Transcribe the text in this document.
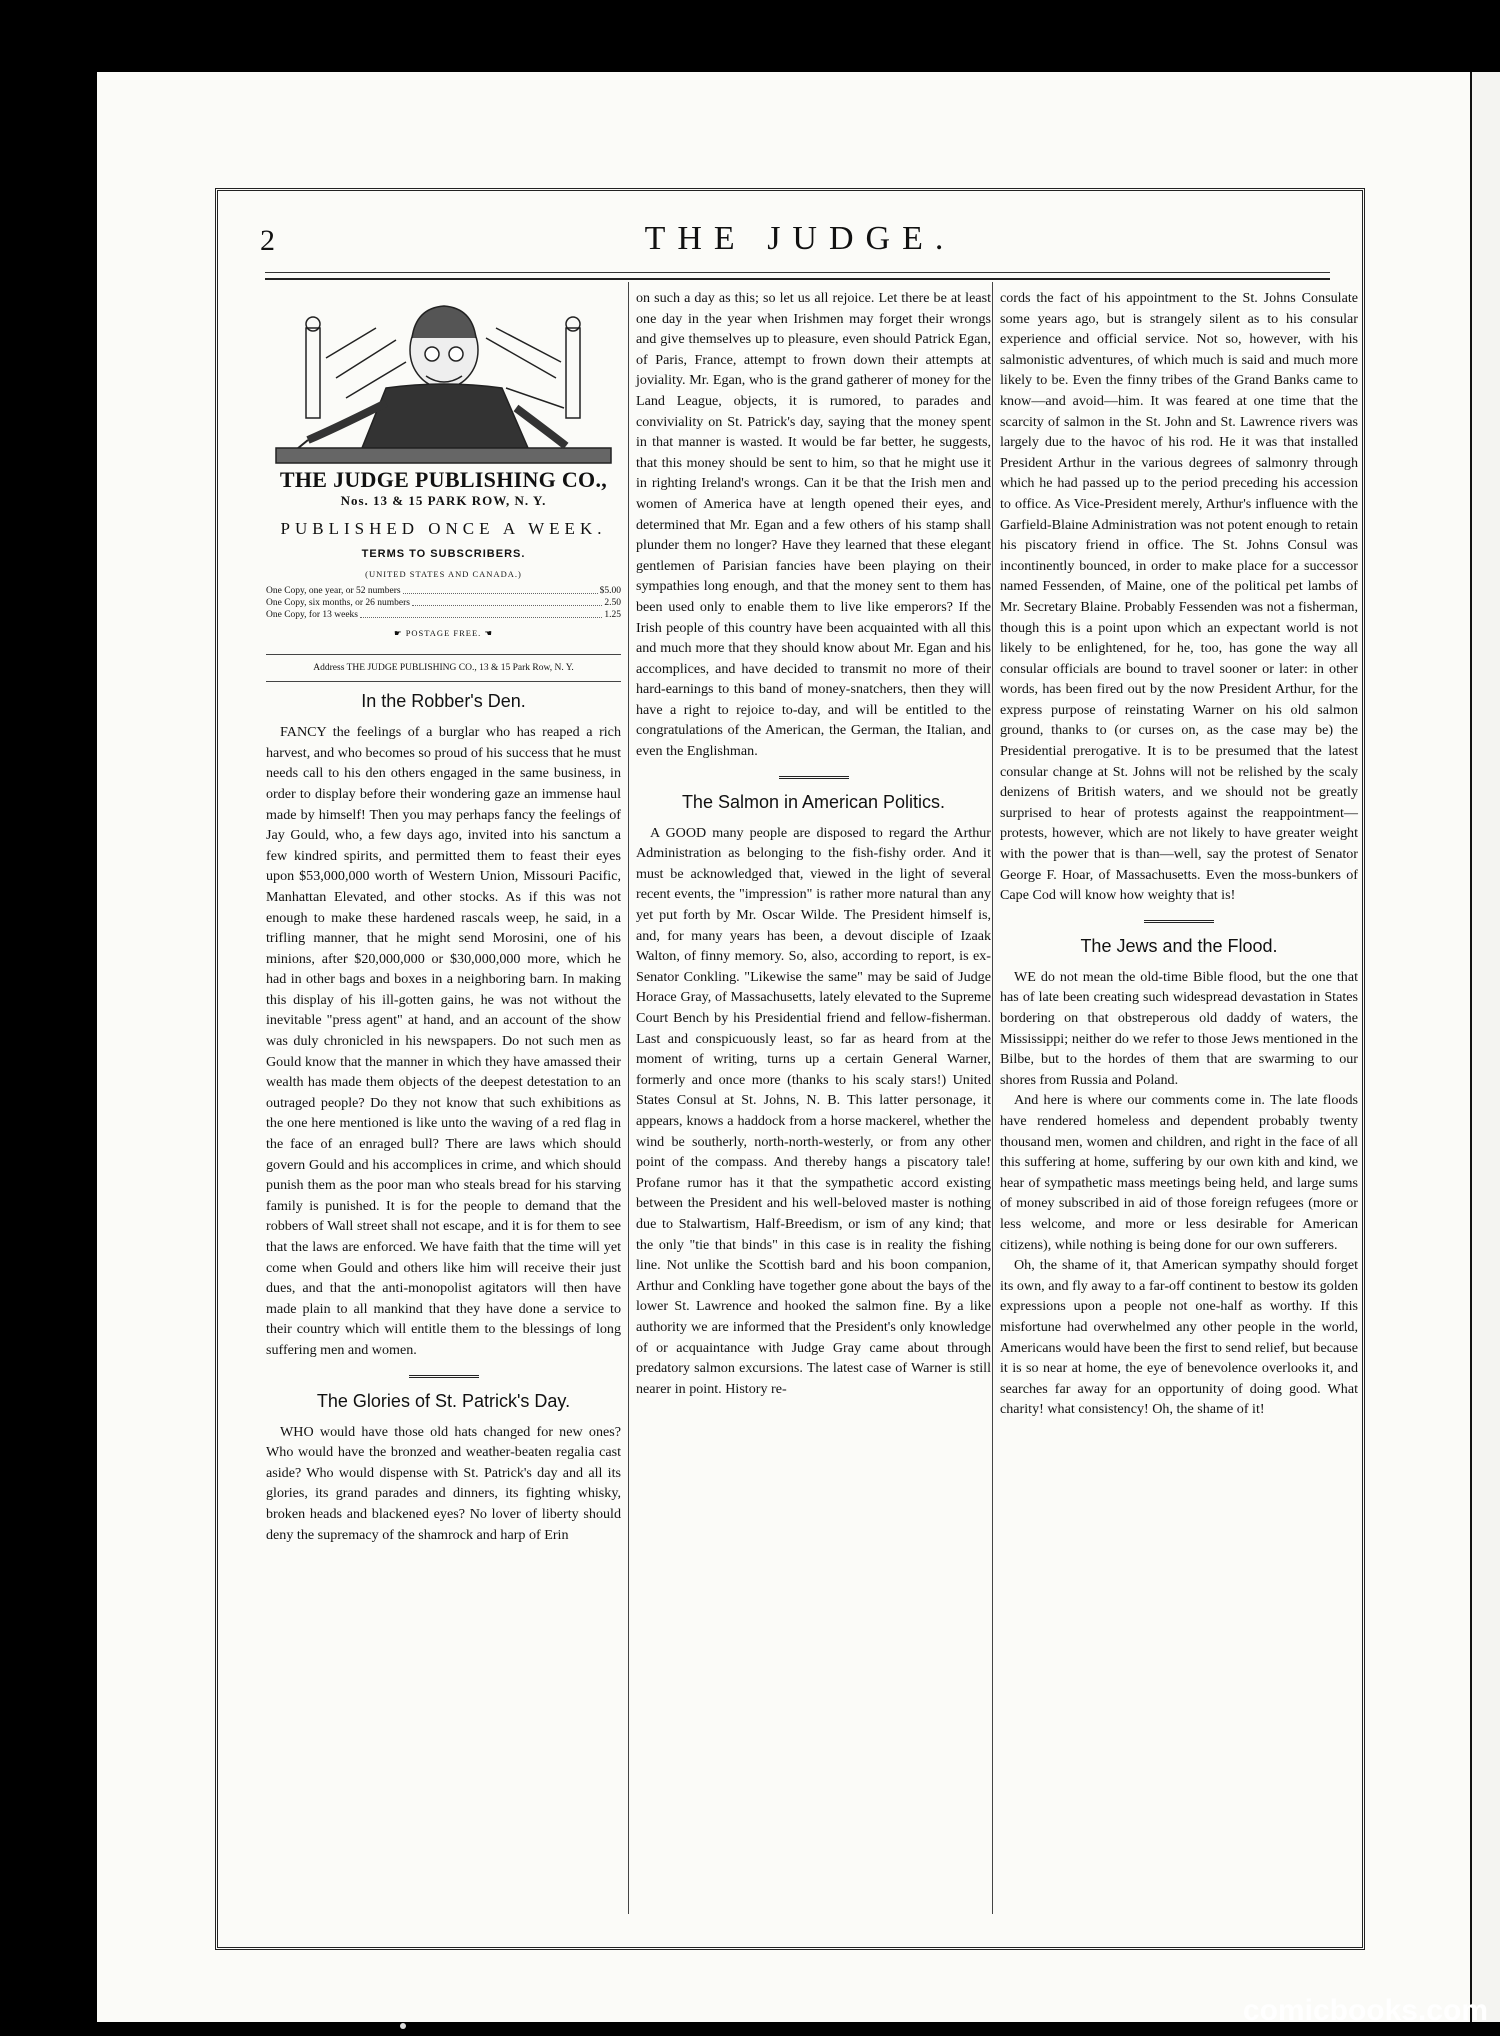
2	THE JUDGE.
THE JUDGE PUBLISHING CO.,
Nos. 13 & 15 PARK ROW, N. Y.
PUBLISHED ONCE A WEEK.
TERMS TO SUBSCRIBERS.
(UNITED STATES AND CANADA.)
One Copy, one year, or 52 numbers	$5.00
One Copy, six months, or 26 numbers	2.50
One Copy, for 13 weeks	1.25
☛ POSTAGE FREE. ☚
Address THE JUDGE PUBLISHING CO., 13 & 15 Park Row, N. Y.
In the Robber's Den.

FANCY the feelings of a burglar who has reaped a rich harvest, and who becomes so proud of his success that he must needs call to his den others engaged in the same business, in order to display before their wondering gaze an immense haul made by himself! Then you may perhaps fancy the feelings of Jay Gould, who, a few days ago, invited into his sanctum a few kindred spirits, and permitted them to feast their eyes upon $53,000,000 worth of Western Union, Missouri Pacific, Manhattan Elevated, and other stocks. As if this was not enough to make these hardened rascals weep, he said, in a trifling manner, that he might send Morosini, one of his minions, after $20,000,000 or $30,000,000 more, which he had in other bags and boxes in a neighboring barn. In making this display of his ill-gotten gains, he was not without the inevitable "press agent" at hand, and an account of the show was duly chronicled in his newspapers. Do not such men as Gould know that the manner in which they have amassed their wealth has made them objects of the deepest detestation to an outraged people? Do they not know that such exhibitions as the one here mentioned is like unto the waving of a red flag in the face of an enraged bull? There are laws which should govern Gould and his accomplices in crime, and which should punish them as the poor man who steals bread for his starving family is punished. It is for the people to demand that the robbers of Wall street shall not escape, and it is for them to see that the laws are enforced. We have faith that the time will yet come when Gould and others like him will receive their just dues, and that the anti-monopolist agitators will then have made plain to all mankind that they have done a service to their country which will entitle them to the blessings of long suffering men and women.

The Glories of St. Patrick's Day.

WHO would have those old hats changed for new ones? Who would have the bronzed and weather-beaten regalia cast aside? Who would dispense with St. Patrick's day and all its glories, its grand parades and dinners, its fighting whisky, broken heads and blackened eyes? No lover of liberty should deny the supremacy of the shamrock and harp of Erin

on such a day as this; so let us all rejoice. Let there be at least one day in the year when Irishmen may forget their wrongs and give themselves up to pleasure, even should Patrick Egan, of Paris, France, attempt to frown down their attempts at joviality. Mr. Egan, who is the grand gatherer of money for the Land League, objects, it is rumored, to parades and conviviality on St. Patrick's day, saying that the money spent in that manner is wasted. It would be far better, he suggests, that this money should be sent to him, so that he might use it in righting Ireland's wrongs. Can it be that the Irish men and women of America have at length opened their eyes, and determined that Mr. Egan and a few others of his stamp shall plunder them no longer? Have they learned that these elegant gentlemen of Parisian fancies have been playing on their sympathies long enough, and that the money sent to them has been used only to enable them to live like emperors? If the Irish people of this country have been acquainted with all this and much more that they should know about Mr. Egan and his accomplices, and have decided to transmit no more of their hard-earnings to this band of money-snatchers, then they will have a right to rejoice to-day, and will be entitled to the congratulations of the American, the German, the Italian, and even the Englishman.

The Salmon in American Politics.

A GOOD many people are disposed to regard the Arthur Administration as belonging to the fish-fishy order. And it must be acknowledged that, viewed in the light of several recent events, the "impression" is rather more natural than any yet put forth by Mr. Oscar Wilde. The President himself is, and, for many years has been, a devout disciple of Izaak Walton, of finny memory. So, also, according to report, is ex-Senator Conkling. "Likewise the same" may be said of Judge Horace Gray, of Massachusetts, lately elevated to the Supreme Court Bench by his Presidential friend and fellow-fisherman. Last and conspicuously least, so far as heard from at the moment of writing, turns up a certain General Warner, formerly and once more (thanks to his scaly stars!) United States Consul at St. Johns, N. B. This latter personage, it appears, knows a haddock from a horse mackerel, whether the wind be southerly, north-north-westerly, or from any other point of the compass. And thereby hangs a piscatory tale! Profane rumor has it that the sympathetic accord existing between the President and his well-beloved master is nothing due to Stalwartism, Half-Breedism, or ism of any kind; that the only "tie that binds" in this case is in reality the fishing line. Not unlike the Scottish bard and his boon companion, Arthur and Conkling have together gone about the bays of the lower St. Lawrence and hooked the salmon fine. By a like authority we are informed that the President's only knowledge of or acquaintance with Judge Gray came about through predatory salmon excursions. The latest case of Warner is still nearer in point. History re-

cords the fact of his appointment to the St. Johns Consulate some years ago, but is strangely silent as to his consular experience and official service. Not so, however, with his salmonistic adventures, of which much is said and much more likely to be. Even the finny tribes of the Grand Banks came to know—and avoid—him. It was feared at one time that the scarcity of salmon in the St. John and St. Lawrence rivers was largely due to the havoc of his rod. He it was that installed President Arthur in the various degrees of salmonry through which he had passed up to the period preceding his accession to office. As Vice-President merely, Arthur's influence with the Garfield-Blaine Administration was not potent enough to retain his piscatory friend in office. The St. Johns Consul was incontinently bounced, in order to make place for a successor named Fessenden, of Maine, one of the political pet lambs of Mr. Secretary Blaine. Probably Fessenden was not a fisherman, though this is a point upon which an expectant world is not likely to be enlightened, for he, too, has gone the way all consular officials are bound to travel sooner or later: in other words, has been fired out by the now President Arthur, for the express purpose of reinstating Warner on his old salmon ground, thanks to (or curses on, as the case may be) the Presidential prerogative. It is to be presumed that the latest consular change at St. Johns will not be relished by the scaly denizens of British waters, and we should not be greatly surprised to hear of protests against the reappointment—protests, however, which are not likely to have greater weight with the power that is than—well, say the protest of Senator George F. Hoar, of Massachusetts. Even the moss-bunkers of Cape Cod will know how weighty that is!

The Jews and the Flood.

WE do not mean the old-time Bible flood, but the one that has of late been creating such widespread devastation in States bordering on that obstreperous old daddy of waters, the Mississippi; neither do we refer to those Jews mentioned in the Bilbe, but to the hordes of them that are swarming to our shores from Russia and Poland.

And here is where our comments come in. The late floods have rendered homeless and dependent probably twenty thousand men, women and children, and right in the face of all this suffering at home, suffering by our own kith and kind, we hear of sympathetic mass meetings being held, and large sums of money subscribed in aid of those foreign refugees (more or less welcome, and more or less desirable for American citizens), while nothing is being done for our own sufferers.

Oh, the shame of it, that American sympathy should forget its own, and fly away to a far-off continent to bestow its golden expressions upon a people not one-half as worthy. If this misfortune had overwhelmed any other people in the world, Americans would have been the first to send relief, but because it is so near at home, the eye of benevolence overlooks it, and searches far away for an opportunity of doing good. What charity! what consistency! Oh, the shame of it!

comicbooks.com
